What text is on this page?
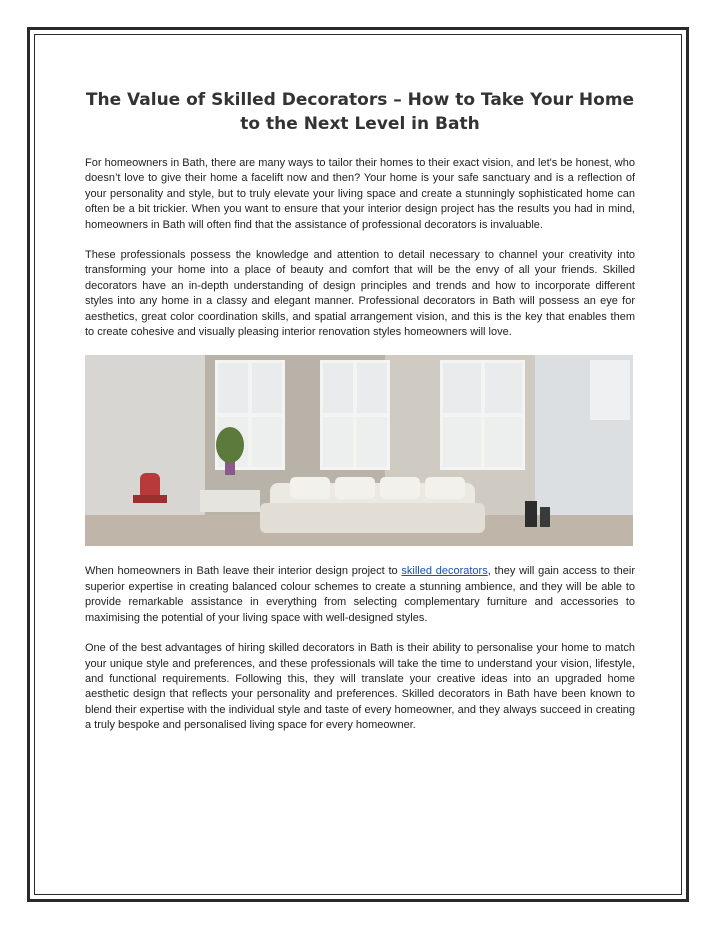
The Value of Skilled Decorators – How to Take Your Home to the Next Level in Bath

For homeowners in Bath, there are many ways to tailor their homes to their exact vision, and let's be honest, who doesn’t love to give their home a facelift now and then? Your home is your safe sanctuary and is a reflection of your personality and style, but to truly elevate your living space and create a stunningly sophisticated home can often be a bit trickier. When you want to ensure that your interior design project has the results you had in mind, homeowners in Bath will often find that the assistance of professional decorators is invaluable.

These professionals possess the knowledge and attention to detail necessary to channel your creativity into transforming your home into a place of beauty and comfort that will be the envy of all your friends. Skilled decorators have an in-depth understanding of design principles and trends and how to incorporate different styles into any home in a classy and elegant manner. Professional decorators in Bath will possess an eye for aesthetics, great color coordination skills, and spatial arrangement vision, and this is the key that enables them to create cohesive and visually pleasing interior renovation styles homeowners will love.

When homeowners in Bath leave their interior design project to skilled decorators, they will gain access to their superior expertise in creating balanced colour schemes to create a stunning ambience, and they will be able to provide remarkable assistance in everything from selecting complementary furniture and accessories to maximising the potential of your living space with well-designed styles.

One of the best advantages of hiring skilled decorators in Bath is their ability to personalise your home to match your unique style and preferences, and these professionals will take the time to understand your vision, lifestyle, and functional requirements. Following this, they will translate your creative ideas into an upgraded home aesthetic design that reflects your personality and preferences. Skilled decorators in Bath have been known to blend their expertise with the individual style and taste of every homeowner, and they always succeed in creating a truly bespoke and personalised living space for every homeowner.
